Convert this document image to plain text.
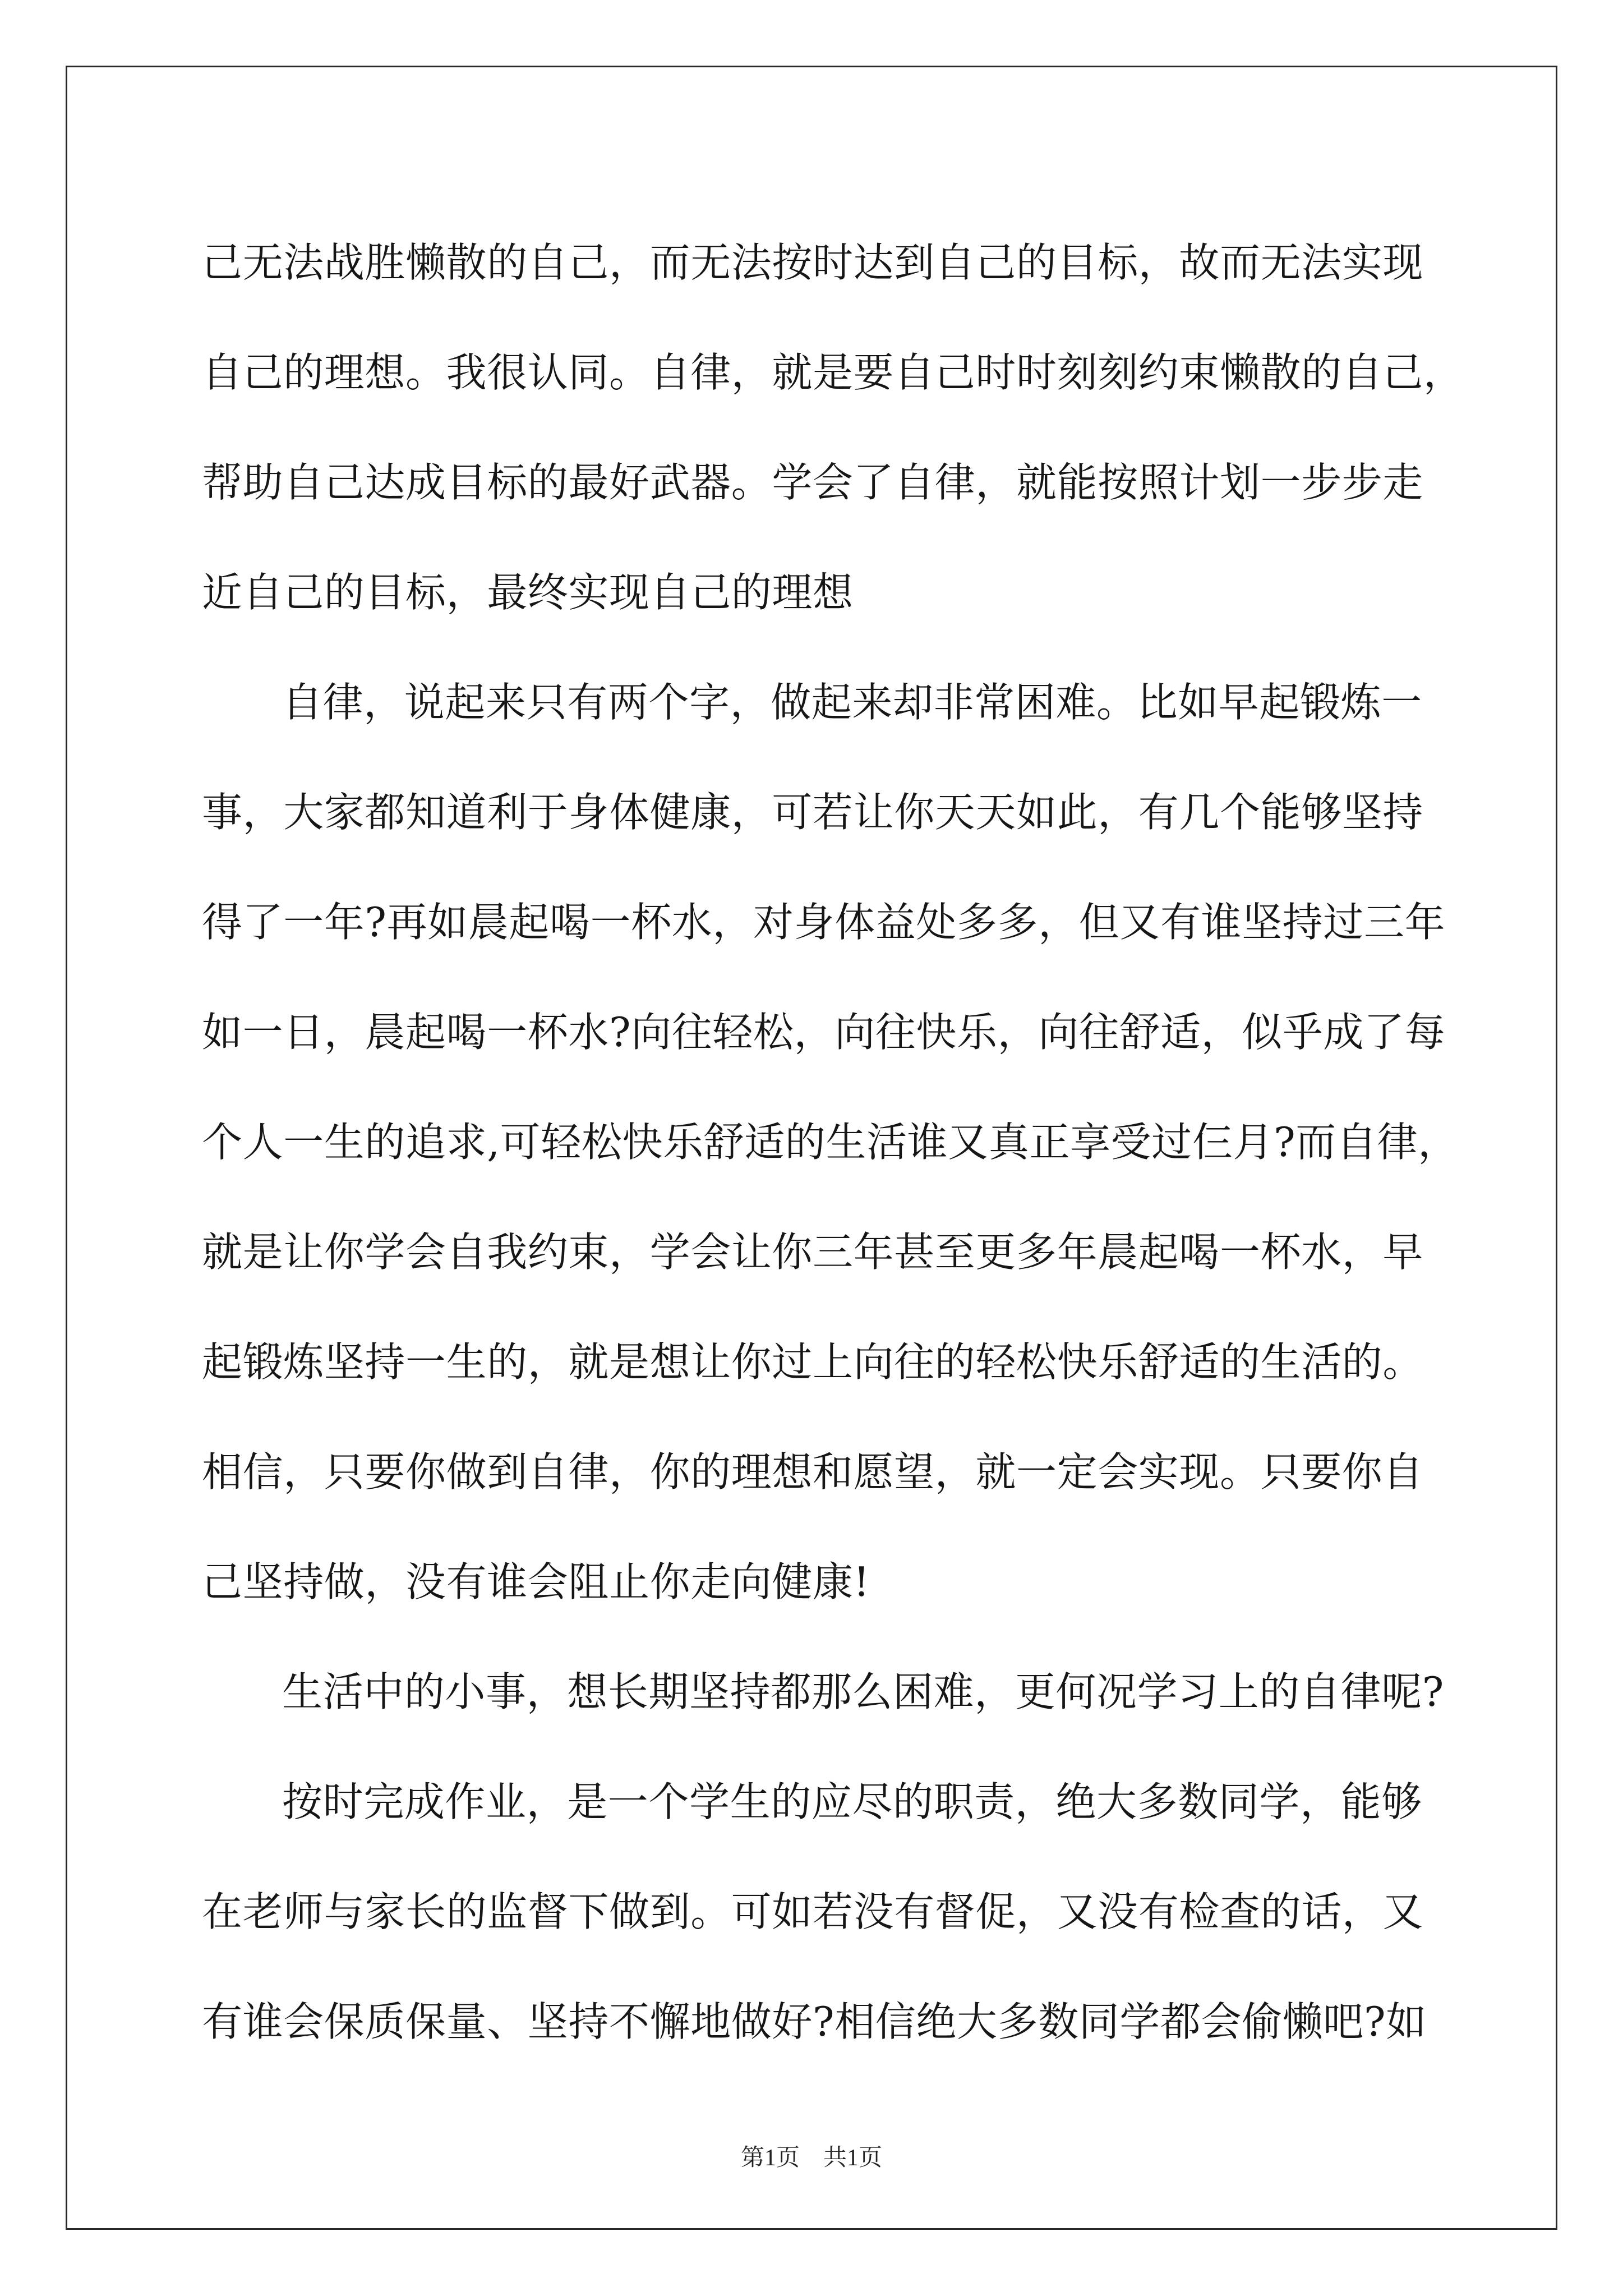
己无法战胜懒散的自己，而无法按时达到自己的目标，故而无法实现
自己的理想。我很认同。自律，就是要自己时时刻刻约束懒散的自己，
帮助自己达成目标的最好武器。学会了自律，就能按照计划一步步走
近自己的目标，最终实现自己的理想
自律，说起来只有两个字，做起来却非常困难。比如早起锻炼一
事，大家都知道利于身体健康，可若让你天天如此，有几个能够坚持
得了一年?再如晨起喝一杯水，对身体益处多多，但又有谁坚持过三年
如一日，晨起喝一杯水?向往轻松，向往快乐，向往舒适，似乎成了每
个人一生的追求,可轻松快乐舒适的生活谁又真正享受过仨月?而自律，
就是让你学会自我约束，学会让你三年甚至更多年晨起喝一杯水，早
起锻炼坚持一生的，就是想让你过上向往的轻松快乐舒适的生活的。
相信，只要你做到自律，你的理想和愿望，就一定会实现。只要你自
己坚持做，没有谁会阻止你走向健康!
生活中的小事，想长期坚持都那么困难，更何况学习上的自律呢?
按时完成作业，是一个学生的应尽的职责，绝大多数同学，能够
在老师与家长的监督下做到。可如若没有督促，又没有检查的话，又
有谁会保质保量、坚持不懈地做好?相信绝大多数同学都会偷懒吧?如
第1页　共1页
